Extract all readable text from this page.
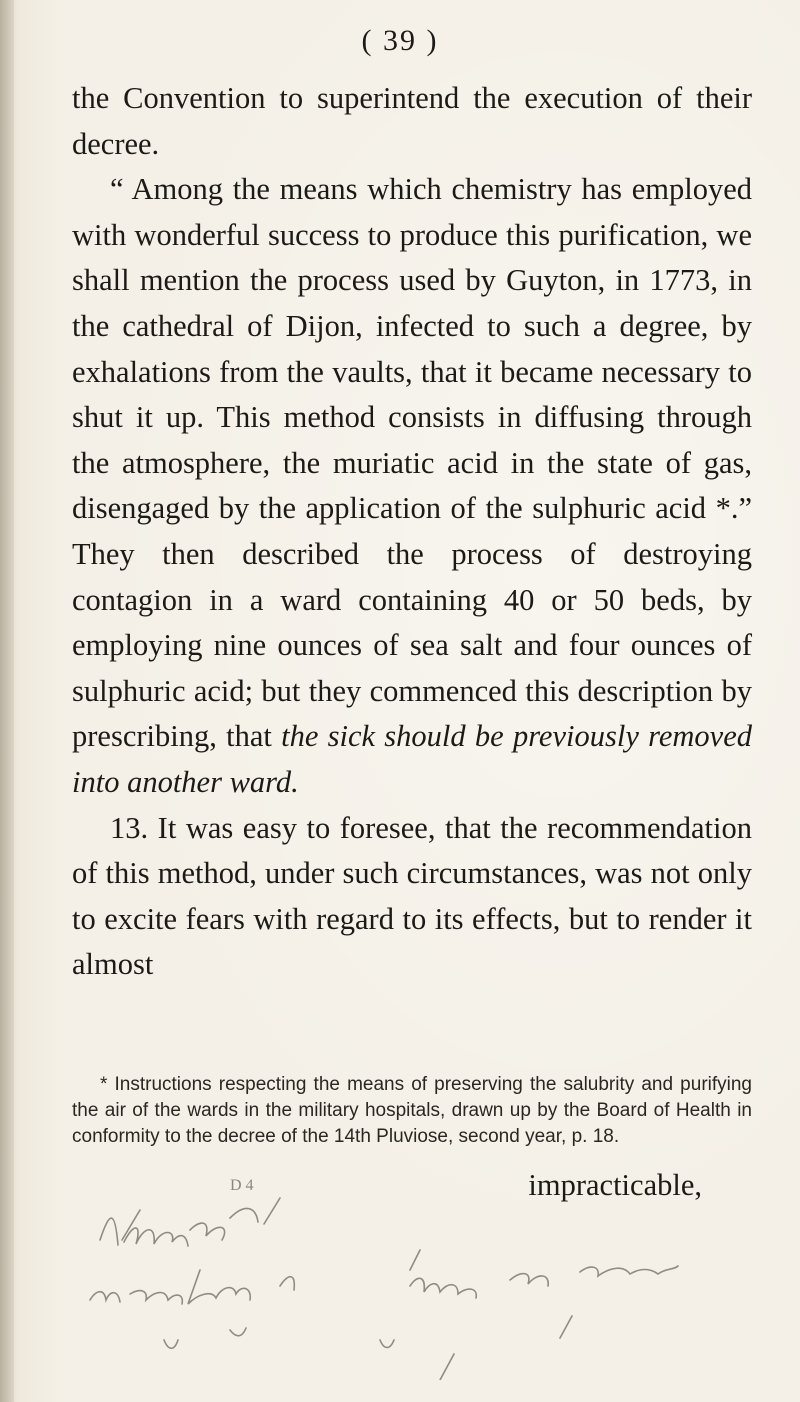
( 39 )

the Convention to superintend the execution of their decree.

“ Among the means which chemistry has employed with wonderful success to produce this purification, we shall mention the process used by Guyton, in 1773, in the cathedral of Dijon, infected to such a degree, by exhalations from the vaults, that it became necessary to shut it up. This method consists in diffusing through the atmosphere, the muriatic acid in the state of gas, disengaged by the application of the sulphuric acid *.” They then described the process of destroying contagion in a ward containing 40 or 50 beds, by employing nine ounces of sea salt and four ounces of sulphuric acid; but they commenced this description by prescribing, that the sick should be previously removed into another ward.

13. It was easy to foresee, that the recommendation of this method, under such circumstances, was not only to excite fears with regard to its effects, but to render it almost

* Instructions respecting the means of preserving the salubrity and purifying the air of the wards in the military hospitals, drawn up by the Board of Health in conformity to the decree of the 14th Pluviose, second year, p. 18.

D 4	impracticable,
